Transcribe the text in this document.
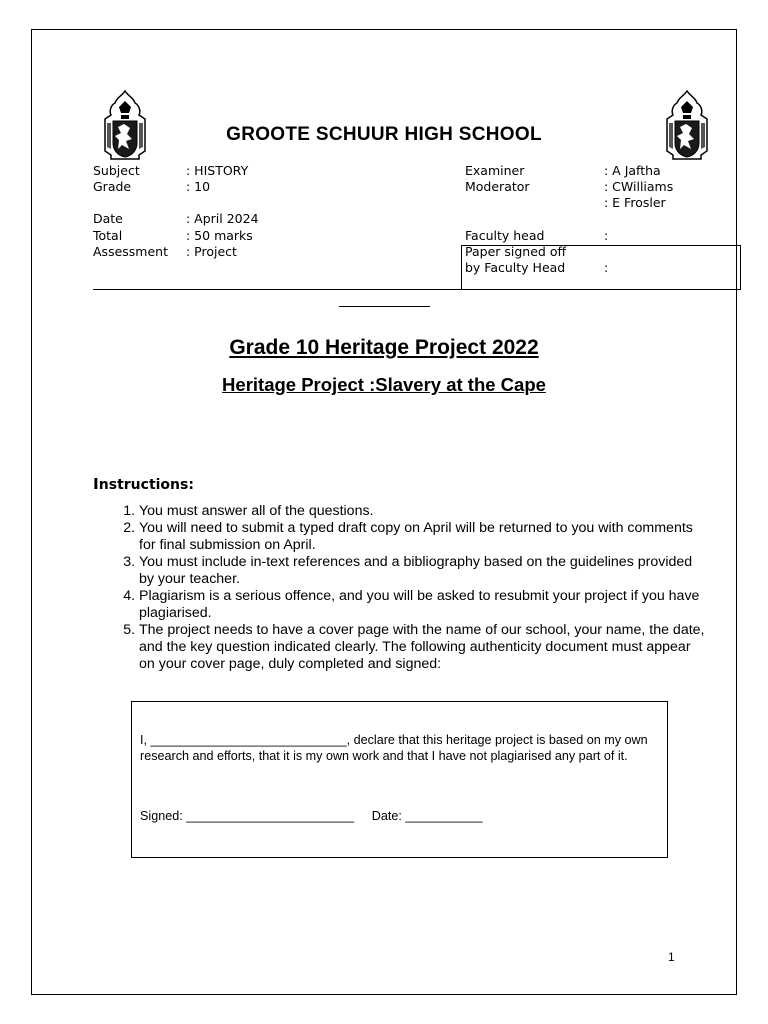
GROOTE SCHUUR HIGH SCHOOL
Subject	: HISTORY
Grade	: 10
Date	: April 2024
Total	: 50 marks
Assessment : Project
Examiner	: A Jaftha
Moderator	: CWilliams
: E Frosler
Faculty head	:
Paper signed off
by Faculty Head	:
Grade 10 Heritage Project 2022
Heritage Project :Slavery at the Cape
Instructions:
1. You must answer all of the questions.
2. You will need to submit a typed draft copy on April will be returned to you with comments for final submission on April.
3. You must include in-text references and a bibliography based on the guidelines provided by your teacher.
4. Plagiarism is a serious offence, and you will be asked to resubmit your project if you have plagiarised.
5. The project needs to have a cover page with the name of our school, your name, the date, and the key question indicated clearly. The following authenticity document must appear on your cover page, duly completed and signed:
I, ____________________________, declare that this heritage project is based on my own research and efforts, that it is my own work and that I have not plagiarised any part of it.
Signed: ________________________     Date: ___________
1
